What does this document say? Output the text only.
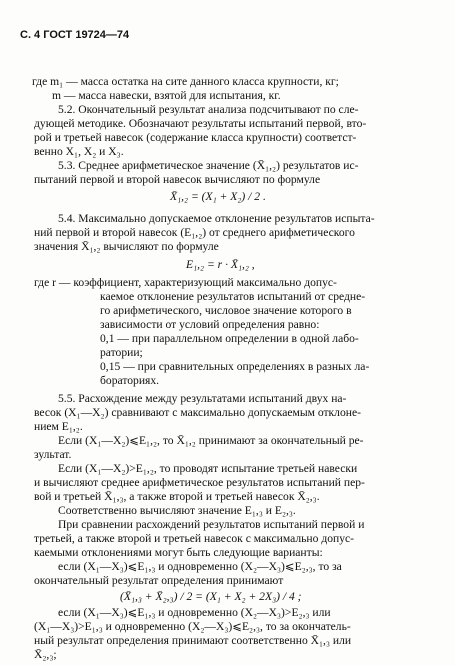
С. 4 ГОСТ 19724—74
где m₁ — масса остатка на сите данного класса крупности, кг;
m — масса навески, взятой для испытания, кг.
5.2. Окончательный результат анализа подсчитывают по сле-
дующей методике. Обозначают результаты испытаний первой, вто-
рой и третьей навесок (содержание класса крупности) соответст-
венно X₁, X₂ и X₃.
5.3. Среднее арифметическое значение (X̄₁,₂) результатов ис-
пытаний первой и второй навесок вычисляют по формуле
X̄₁,₂ = (X₁ + X₂) / 2 .
5.4. Максимально допускаемое отклонение результатов испыта-
ний первой и второй навесок (E₁,₂) от среднего арифметического
значения X̄₁,₂ вычисляют по формуле
E₁,₂ = r · X̄₁,₂ ,
где r — коэффициент, характеризующий максимально допус-
каемое отклонение результатов испытаний от средне-
го арифметического, числовое значение которого в
зависимости от условий определения равно:
0,1 — при параллельном определении в одной лабо-
ратории;
0,15 — при сравнительных определениях в разных ла-
бораториях.
5.5. Расхождение между результатами испытаний двух на-
весок (X₁—X₂) сравнивают с максимально допускаемым отклоне-
нием E₁,₂.
Если (X₁—X₂)⩽E₁,₂, то X̄₁,₂ принимают за окончательный ре-
зультат.
Если (X₁—X₂)>E₁,₂, то проводят испытание третьей навески
и вычисляют среднее арифметическое результатов испытаний пер-
вой и третьей X̄₁,₃, а также второй и третьей навесок X̄₂,₃.
Соответственно вычисляют значение E₁,₃ и E₂,₃.
При сравнении расхождений результатов испытаний первой и
третьей, а также второй и третьей навесок с максимально допус-
каемыми отклонениями могут быть следующие варианты:
если (X₁—X₃)⩽E₁,₃ и одновременно (X₂—X₃)⩽E₂,₃, то за
окончательный результат определения принимают
(X̄₁,₃ + X̄₂,₃) / 2 = (X₁ + X₂ + 2X₃) / 4 ;
если (X₁—X₃)⩽E₁,₃ и одновременно (X₂—X₃)>E₂,₃ или
(X₁—X₃)>E₁,₃ и одновременно (X₂—X₃)⩽E₂,₃, то за окончатель-
ный результат определения принимают соответственно X̄₁,₃ или
X̄₂,₃;
